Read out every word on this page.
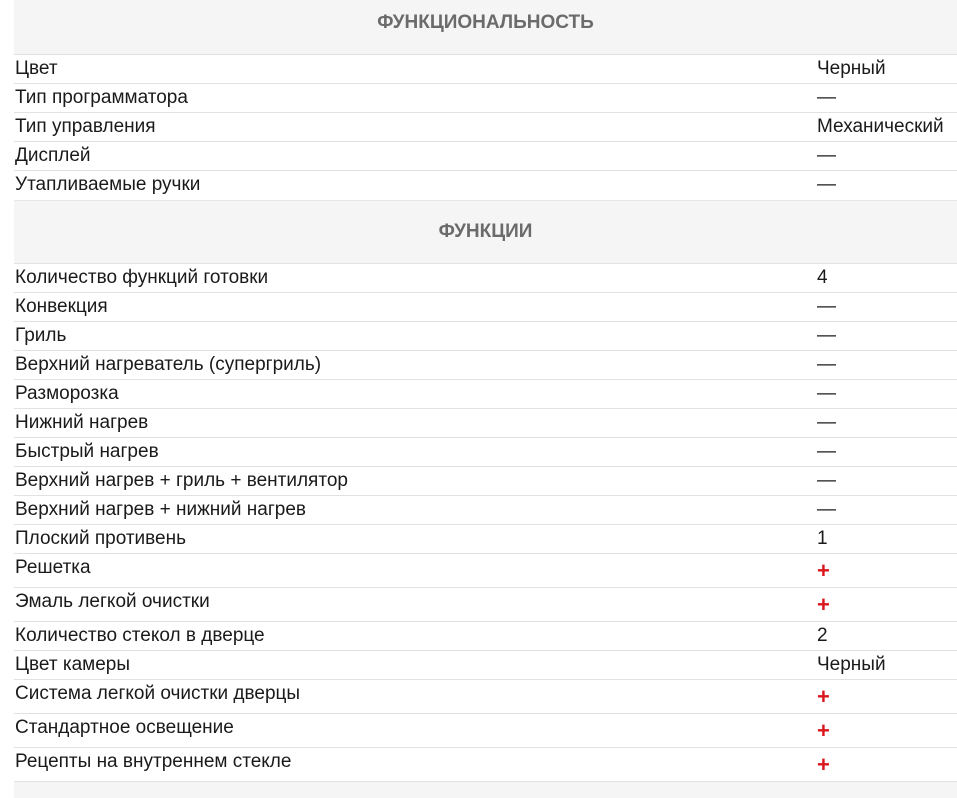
ФУНКЦИОНАЛЬНОСТЬ
Цвет	Черный
Тип программатора	—
Тип управления	Механический
Дисплей	—
Утапливаемые ручки	—
ФУНКЦИИ
Количество функций готовки	4
Конвекция	—
Гриль	—
Верхний нагреватель (супергриль)	—
Разморозка	—
Нижний нагрев	—
Быстрый нагрев	—
Верхний нагрев + гриль + вентилятор	—
Верхний нагрев + нижний нагрев	—
Плоский противень	1
Решетка	+
Эмаль легкой очистки	+
Количество стекол в дверце	2
Цвет камеры	Черный
Система легкой очистки дверцы	+
Стандартное освещение	+
Рецепты на внутреннем стекле	+
